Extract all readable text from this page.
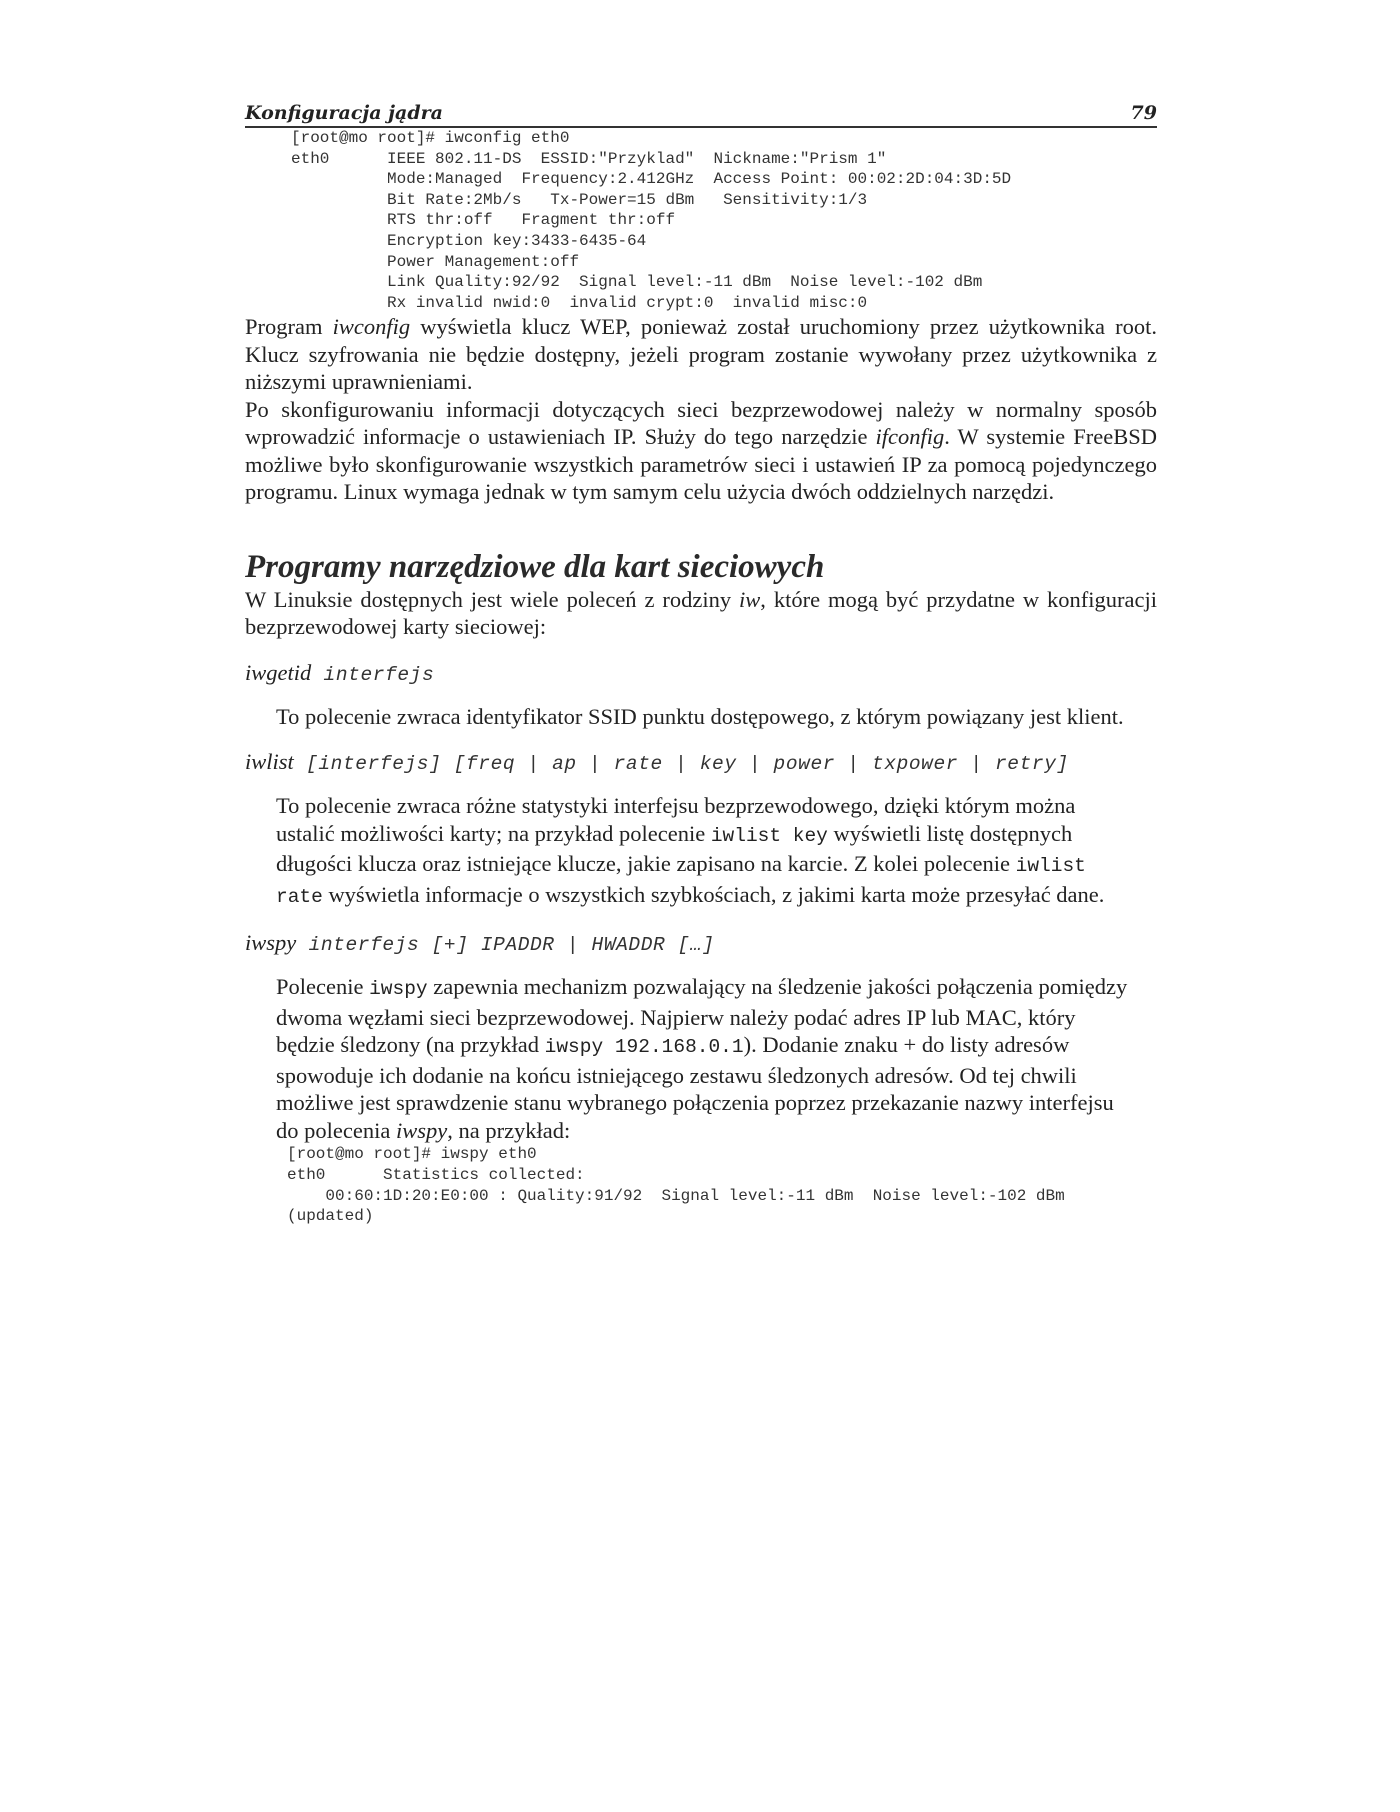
Konfiguracja jądra	79
[root@mo root]# iwconfig eth0
eth0      IEEE 802.11-DS  ESSID:"Przyklad"  Nickname:"Prism 1"
Mode:Managed  Frequency:2.412GHz  Access Point: 00:02:2D:04:3D:5D
Bit Rate:2Mb/s   Tx-Power=15 dBm   Sensitivity:1/3
RTS thr:off   Fragment thr:off
Encryption key:3433-6435-64
Power Management:off
Link Quality:92/92  Signal level:-11 dBm  Noise level:-102 dBm
Rx invalid nwid:0  invalid crypt:0  invalid misc:0

Program iwconfig wyświetla klucz WEP, ponieważ został uruchomiony przez użytkownika root. Klucz szyfrowania nie będzie dostępny, jeżeli program zostanie wywołany przez użytkownika z niższymi uprawnieniami.

Po skonfigurowaniu informacji dotyczących sieci bezprzewodowej należy w normalny sposób wprowadzić informacje o ustawieniach IP. Służy do tego narzędzie ifconfig. W systemie FreeBSD możliwe było skonfigurowanie wszystkich parametrów sieci i ustawień IP za pomocą pojedynczego programu. Linux wymaga jednak w tym samym celu użycia dwóch oddzielnych narzędzi.

Programy narzędziowe dla kart sieciowych

W Linuksie dostępnych jest wiele poleceń z rodziny iw, które mogą być przydatne w konfiguracji bezprzewodowej karty sieciowej:

iwgetid interfejs

To polecenie zwraca identyfikator SSID punktu dostępowego, z którym powiązany jest klient.

iwlist [interfejs] [freq | ap | rate | key | power | txpower | retry]

To polecenie zwraca różne statystyki interfejsu bezprzewodowego, dzięki którym można ustalić możliwości karty; na przykład polecenie iwlist key wyświetli listę dostępnych długości klucza oraz istniejące klucze, jakie zapisano na karcie. Z kolei polecenie iwlist rate wyświetla informacje o wszystkich szybkościach, z jakimi karta może przesyłać dane.

iwspy interfejs [+] IPADDR | HWADDR […]

Polecenie iwspy zapewnia mechanizm pozwalający na śledzenie jakości połączenia pomiędzy dwoma węzłami sieci bezprzewodowej. Najpierw należy podać adres IP lub MAC, który będzie śledzony (na przykład iwspy 192.168.0.1). Dodanie znaku + do listy adresów spowoduje ich dodanie na końcu istniejącego zestawu śledzonych adresów. Od tej chwili możliwe jest sprawdzenie stanu wybranego połączenia poprzez przekazanie nazwy interfejsu do polecenia iwspy, na przykład:

[root@mo root]# iwspy eth0
eth0      Statistics collected:
00:60:1D:20:E0:00 : Quality:91/92  Signal level:-11 dBm  Noise level:-102 dBm
(updated)
